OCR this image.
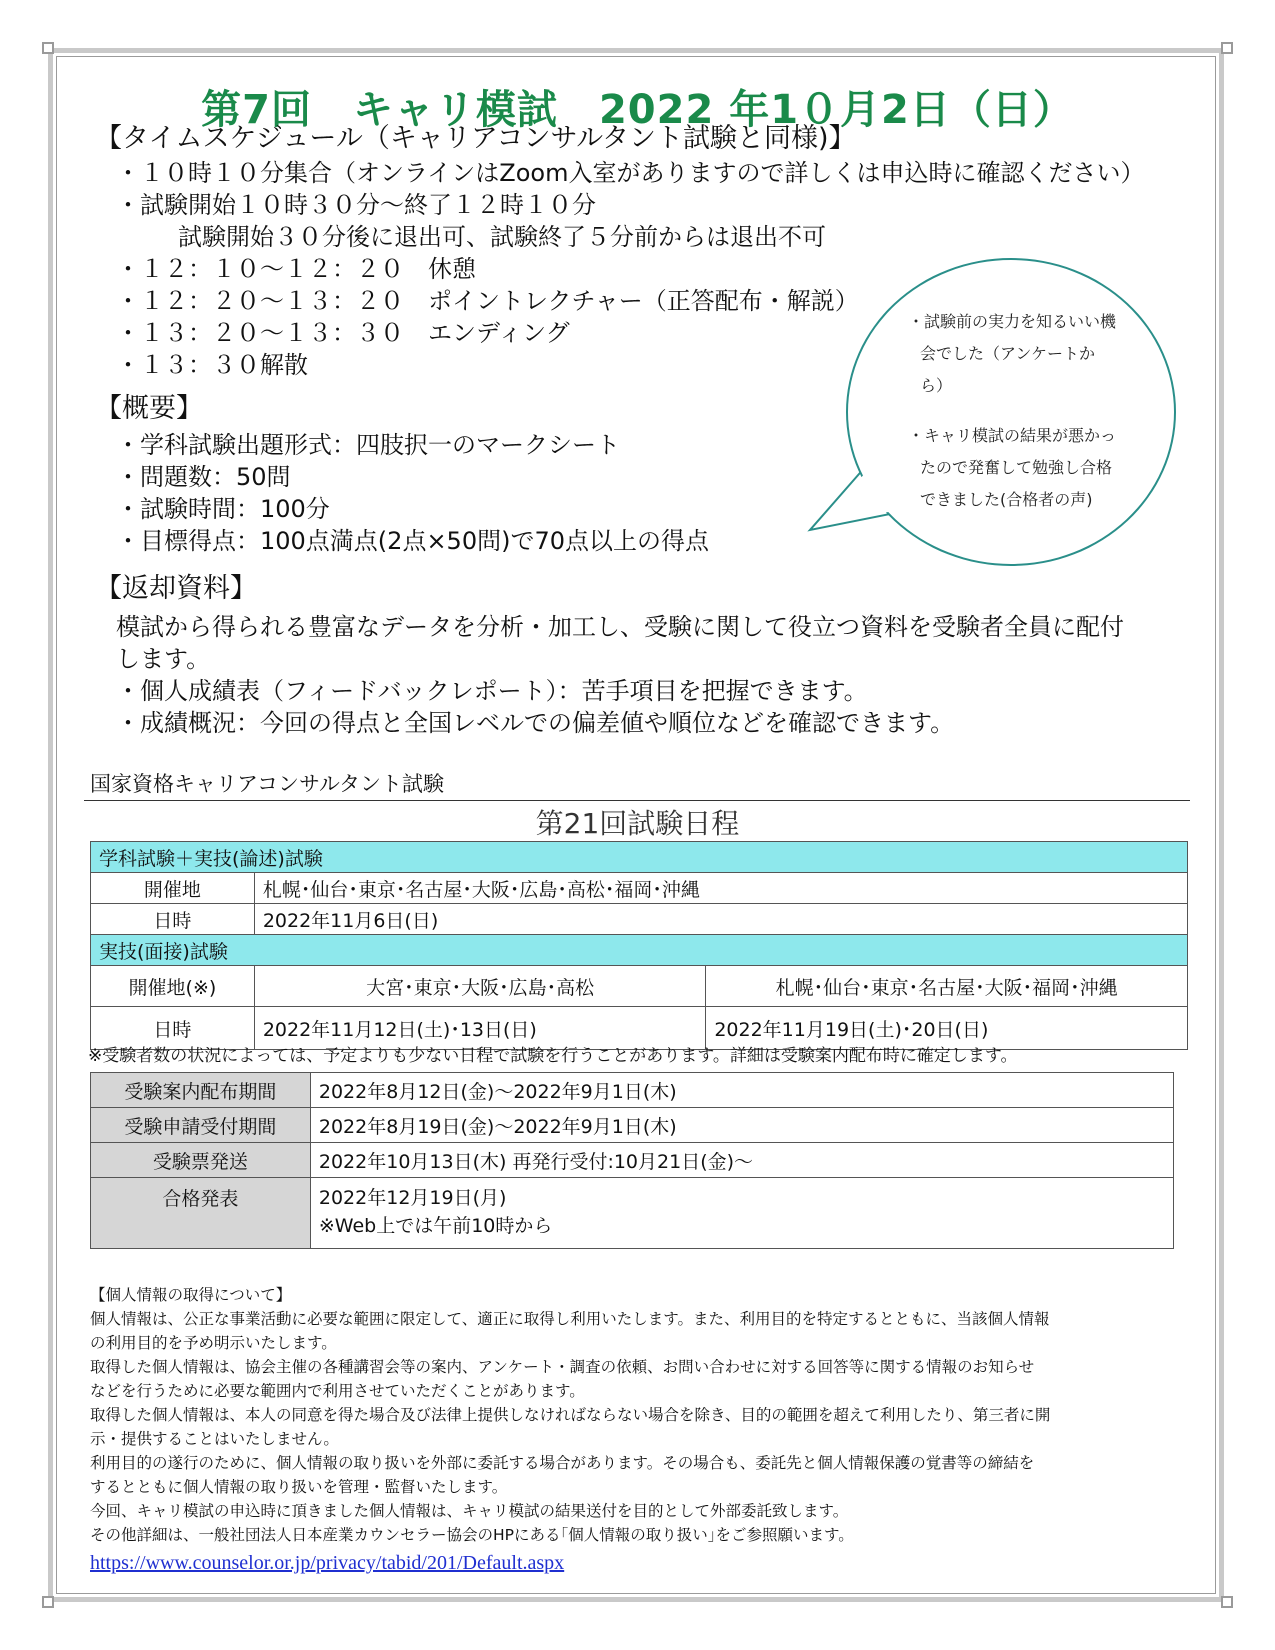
第7回　キャリ模試　2022 年1０月2日（日）
【タイムスケジュール（キャリアコンサルタント試験と同様)】
・１０時１０分集合（オンラインはZoom入室がありますので詳しくは申込時に確認ください）
・試験開始１０時３０分～終了１２時１０分
試験開始３０分後に退出可、試験終了５分前からは退出不可
・１２：１０～１２：２０　休憩
・１２：２０～１３：２０　ポイントレクチャー（正答配布・解説）
・１３：２０～１３：３０　エンディング
・１３：３０解散
【概要】
・学科試験出題形式：四肢択一のマークシート
・問題数：50問
・試験時間：100分
・目標得点：100点満点(2点×50問)で70点以上の得点
・試験前の実力を知るいい機
会でした（アンケートか
ら）
・キャリ模試の結果が悪かっ
たので発奮して勉強し合格
できました(合格者の声)
【返却資料】
模試から得られる豊富なデータを分析・加工し、受験に関して役立つ資料を受験者全員に配付
します。
・個人成績表（フィードバックレポート）：苦手項目を把握できます。
・成績概況：今回の得点と全国レベルでの偏差値や順位などを確認できます。
国家資格キャリアコンサルタント試験
第21回試験日程
学科試験＋実技(論述)試験		
開催地	札幌･仙台･東京･名古屋･大阪･広島･高松･福岡･沖縄	
日時	2022年11月6日(日)	
実技(面接)試験		
開催地(※)	大宮･東京･大阪･広島･高松	札幌･仙台･東京･名古屋･大阪･福岡･沖縄
日時	2022年11月12日(土)･13日(日)	2022年11月19日(土)･20日(日)
※受験者数の状況によっては、予定よりも少ない日程で試験を行うことがあります。詳細は受験案内配布時に確定します。
受験案内配布期間	2022年8月12日(金)～2022年9月1日(木)
受験申請受付期間	2022年8月19日(金)～2022年9月1日(木)
受験票発送	2022年10月13日(木) 再発行受付:10月21日(金)～
合格発表	2022年12月19日(月)
※Web上では午前10時から
【個人情報の取得について】
個人情報は、公正な事業活動に必要な範囲に限定して、適正に取得し利用いたします。また、利用目的を特定するとともに、当該個人情報
の利用目的を予め明示いたします。
取得した個人情報は、協会主催の各種講習会等の案内、アンケート・調査の依頼、お問い合わせに対する回答等に関する情報のお知らせ
などを行うために必要な範囲内で利用させていただくことがあります。
取得した個人情報は、本人の同意を得た場合及び法律上提供しなければならない場合を除き、目的の範囲を超えて利用したり、第三者に開
示・提供することはいたしません。
利用目的の遂行のために、個人情報の取り扱いを外部に委託する場合があります。その場合も、委託先と個人情報保護の覚書等の締結を
するとともに個人情報の取り扱いを管理・監督いたします。
今回、キャリ模試の申込時に頂きました個人情報は、キャリ模試の結果送付を目的として外部委託致します。
その他詳細は、一般社団法人日本産業カウンセラー協会のHPにある｢個人情報の取り扱い｣をご参照願います。
https://www.counselor.or.jp/privacy/tabid/201/Default.aspx
